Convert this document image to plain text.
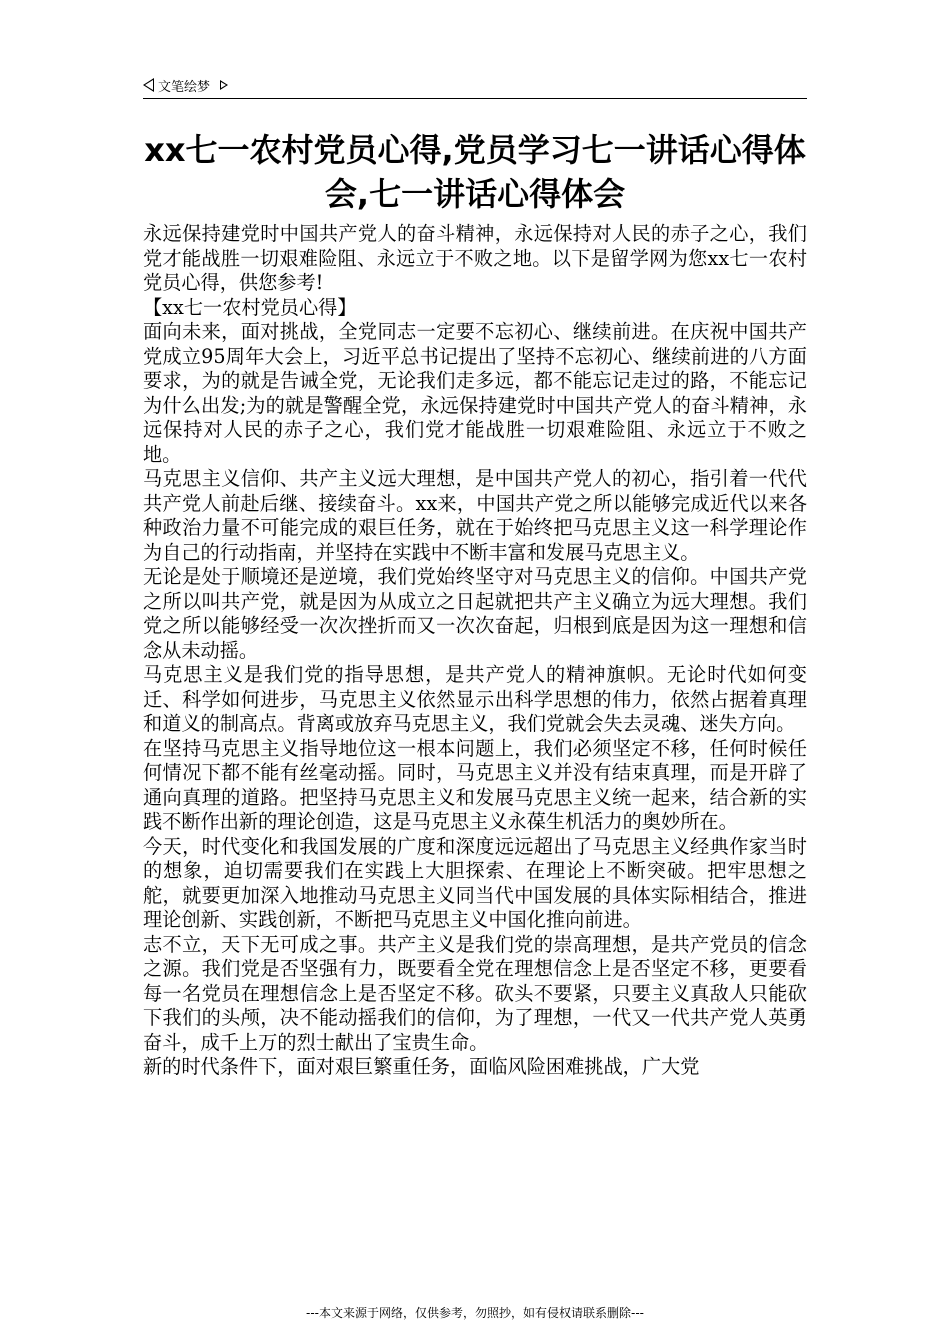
文笔绘梦
xx七一农村党员心得,党员学习七一讲话心得体会,七一讲话心得体会

永远保持建党时中国共产党人的奋斗精神，永远保持对人民的赤子之心，我们党才能战胜一切艰难险阻、永远立于不败之地。以下是留学网为您xx七一农村党员心得，供您参考!

【xx七一农村党员心得】

面向未来，面对挑战，全党同志一定要不忘初心、继续前进。在庆祝中国共产党成立95周年大会上，习近平总书记提出了坚持不忘初心、继续前进的八方面要求，为的就是告诫全党，无论我们走多远，都不能忘记走过的路，不能忘记为什么出发;为的就是警醒全党，永远保持建党时中国共产党人的奋斗精神，永远保持对人民的赤子之心，我们党才能战胜一切艰难险阻、永远立于不败之地。

马克思主义信仰、共产主义远大理想，是中国共产党人的初心，指引着一代代共产党人前赴后继、接续奋斗。xx来，中国共产党之所以能够完成近代以来各种政治力量不可能完成的艰巨任务，就在于始终把马克思主义这一科学理论作为自己的行动指南，并坚持在实践中不断丰富和发展马克思主义。

无论是处于顺境还是逆境，我们党始终坚守对马克思主义的信仰。中国共产党之所以叫共产党，就是因为从成立之日起就把共产主义确立为远大理想。我们党之所以能够经受一次次挫折而又一次次奋起，归根到底是因为这一理想和信念从未动摇。

马克思主义是我们党的指导思想，是共产党人的精神旗帜。无论时代如何变迁、科学如何进步，马克思主义依然显示出科学思想的伟力，依然占据着真理和道义的制高点。背离或放弃马克思主义，我们党就会失去灵魂、迷失方向。

在坚持马克思主义指导地位这一根本问题上，我们必须坚定不移，任何时候任何情况下都不能有丝毫动摇。同时，马克思主义并没有结束真理，而是开辟了通向真理的道路。把坚持马克思主义和发展马克思主义统一起来，结合新的实践不断作出新的理论创造，这是马克思主义永葆生机活力的奥妙所在。

今天，时代变化和我国发展的广度和深度远远超出了马克思主义经典作家当时的想象，迫切需要我们在实践上大胆探索、在理论上不断突破。把牢思想之舵，就要更加深入地推动马克思主义同当代中国发展的具体实际相结合，推进理论创新、实践创新，不断把马克思主义中国化推向前进。

志不立，天下无可成之事。共产主义是我们党的崇高理想，是共产党员的信念之源。我们党是否坚强有力，既要看全党在理想信念上是否坚定不移，更要看每一名党员在理想信念上是否坚定不移。砍头不要紧，只要主义真敌人只能砍下我们的头颅，决不能动摇我们的信仰，为了理想，一代又一代共产党人英勇奋斗，成千上万的烈士献出了宝贵生命。

新的时代条件下，面对艰巨繁重任务，面临风险困难挑战，广大党

---本文来源于网络，仅供参考，勿照抄，如有侵权请联系删除---
